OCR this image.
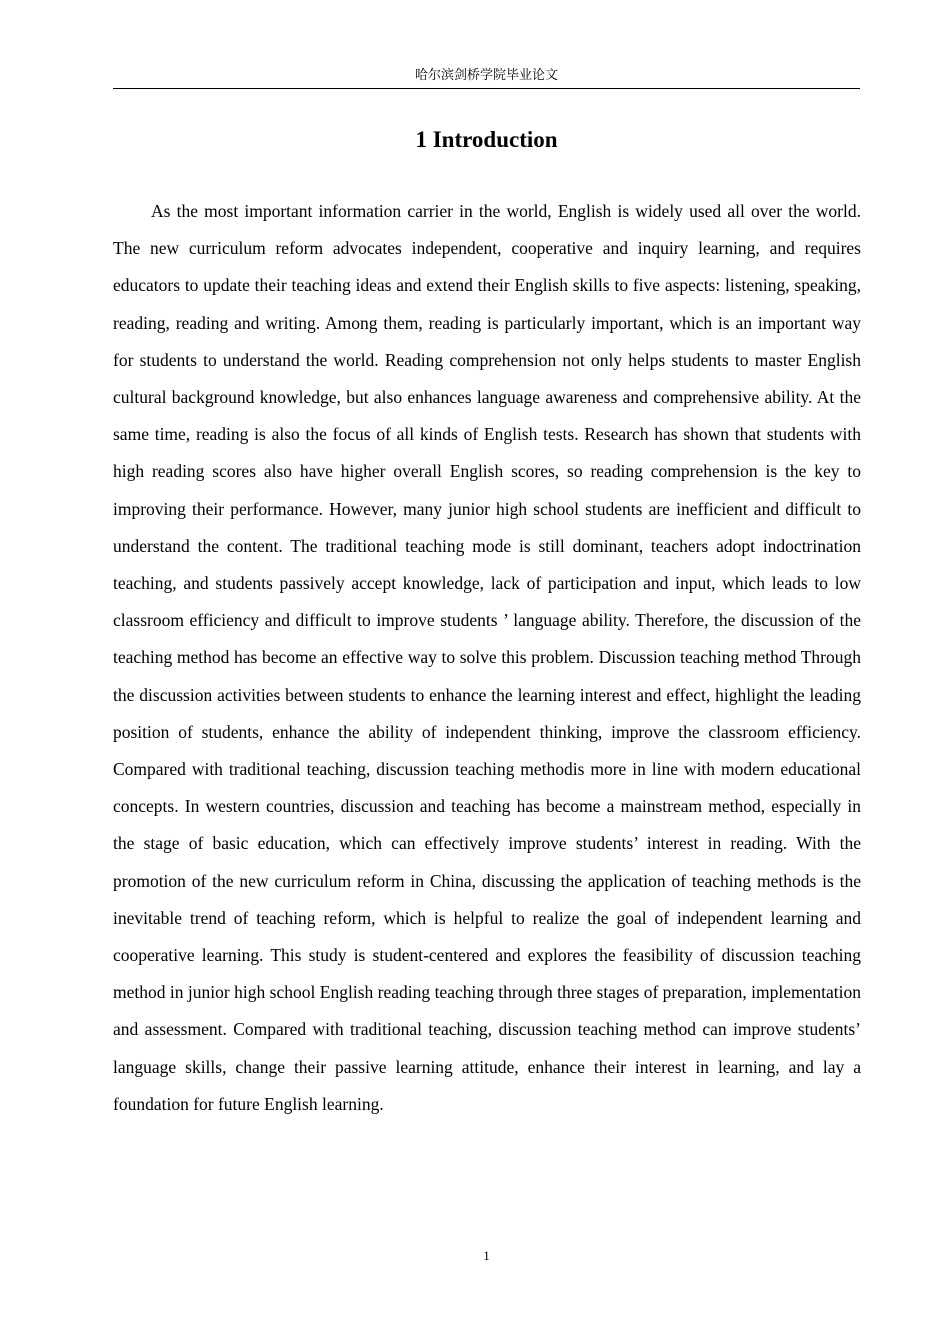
哈尔滨剑桥学院毕业论文
1 Introduction

As the most important information carrier in the world, English is widely used all over the world. The new curriculum reform advocates independent, cooperative and inquiry learning, and requires educators to update their teaching ideas and extend their English skills to five aspects: listening, speaking, reading, reading and writing. Among them, reading is particularly important, which is an important way for students to understand the world. Reading comprehension not only helps students to master English cultural background knowledge, but also enhances language awareness and comprehensive ability. At the same time, reading is also the focus of all kinds of English tests. Research has shown that students with high reading scores also have higher overall English scores, so reading comprehension is the key to improving their performance. However, many junior high school students are inefficient and difficult to understand the content. The traditional teaching mode is still dominant, teachers adopt indoctrination teaching, and students passively accept knowledge, lack of participation and input, which leads to low classroom efficiency and difficult to improve students ’ language ability. Therefore, the discussion of the teaching method has become an effective way to solve this problem. Discussion teaching method Through the discussion activities between students to enhance the learning interest and effect, highlight the leading position of students, enhance the ability of independent thinking, improve the classroom efficiency. Compared with traditional teaching, discussion teaching methodis more in line with modern educational concepts. In western countries, discussion and teaching has become a mainstream method, especially in the stage of basic education, which can effectively improve students’ interest in reading. With the promotion of the new curriculum reform in China, discussing the application of teaching methods is the inevitable trend of teaching reform, which is helpful to realize the goal of independent learning and cooperative learning. This study is student-centered and explores the feasibility of discussion teaching method in junior high school English reading teaching through three stages of preparation, implementation and assessment. Compared with traditional teaching, discussion teaching method can improve students’ language skills, change their passive learning attitude, enhance their interest in learning, and lay a foundation for future English learning.

1
